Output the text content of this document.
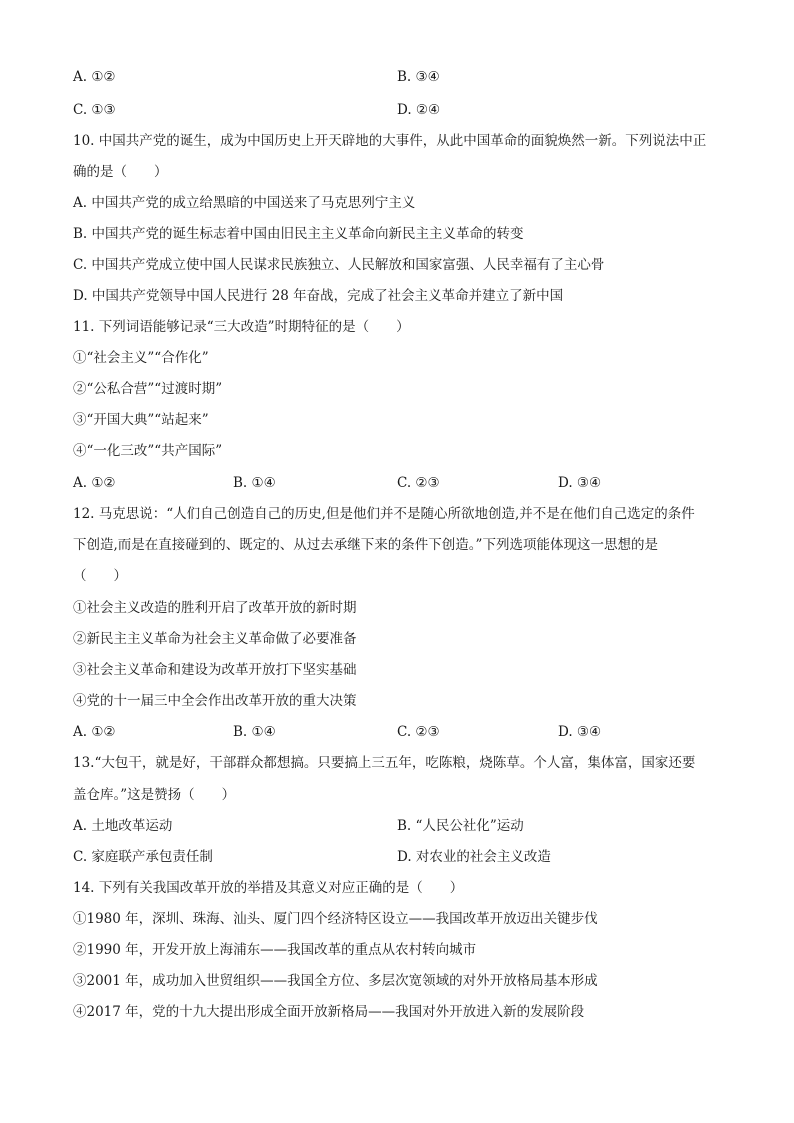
A. ①②	B. ③④
C. ①③	D. ②④
10. 中国共产党的诞生，成为中国历史上开天辟地的大事件，从此中国革命的面貌焕然一新。下列说法中正
确的是（　　）
A. 中国共产党的成立给黑暗的中国送来了马克思列宁主义
B. 中国共产党的诞生标志着中国由旧民主主义革命向新民主主义革命的转变
C. 中国共产党成立使中国人民谋求民族独立、人民解放和国家富强、人民幸福有了主心骨
D. 中国共产党领导中国人民进行 28 年奋战，完成了社会主义革命并建立了新中国
11. 下列词语能够记录“三大改造”时期特征的是（　　）
①“社会主义”“合作化”
②“公私合营”“过渡时期”
③“开国大典”“站起来”
④“一化三改”“共产国际”
A. ①②	B. ①④	C. ②③	D. ③④
12. 马克思说：“人们自己创造自己的历史,但是他们并不是随心所欲地创造,并不是在他们自己选定的条件
下创造,而是在直接碰到的、既定的、从过去承继下来的条件下创造。”下列选项能体现这一思想的是
（　　）
①社会主义改造的胜利开启了改革开放的新时期
②新民主主义革命为社会主义革命做了必要准备
③社会主义革命和建设为改革开放打下坚实基础
④党的十一届三中全会作出改革开放的重大决策
A. ①②	B. ①④	C. ②③	D. ③④
13.“大包干，就是好，干部群众都想搞。只要搞上三五年，吃陈粮，烧陈草。个人富，集体富，国家还要
盖仓库。”这是赞扬（　　）
A. 土地改革运动	B. “人民公社化”运动
C. 家庭联产承包责任制	D. 对农业的社会主义改造
14. 下列有关我国改革开放的举措及其意义对应正确的是（　　）
①1980 年，深圳、珠海、汕头、厦门四个经济特区设立——我国改革开放迈出关键步伐
②1990 年，开发开放上海浦东——我国改革的重点从农村转向城市
③2001 年，成功加入世贸组织——我国全方位、多层次宽领域的对外开放格局基本形成
④2017 年，党的十九大提出形成全面开放新格局——我国对外开放进入新的发展阶段
